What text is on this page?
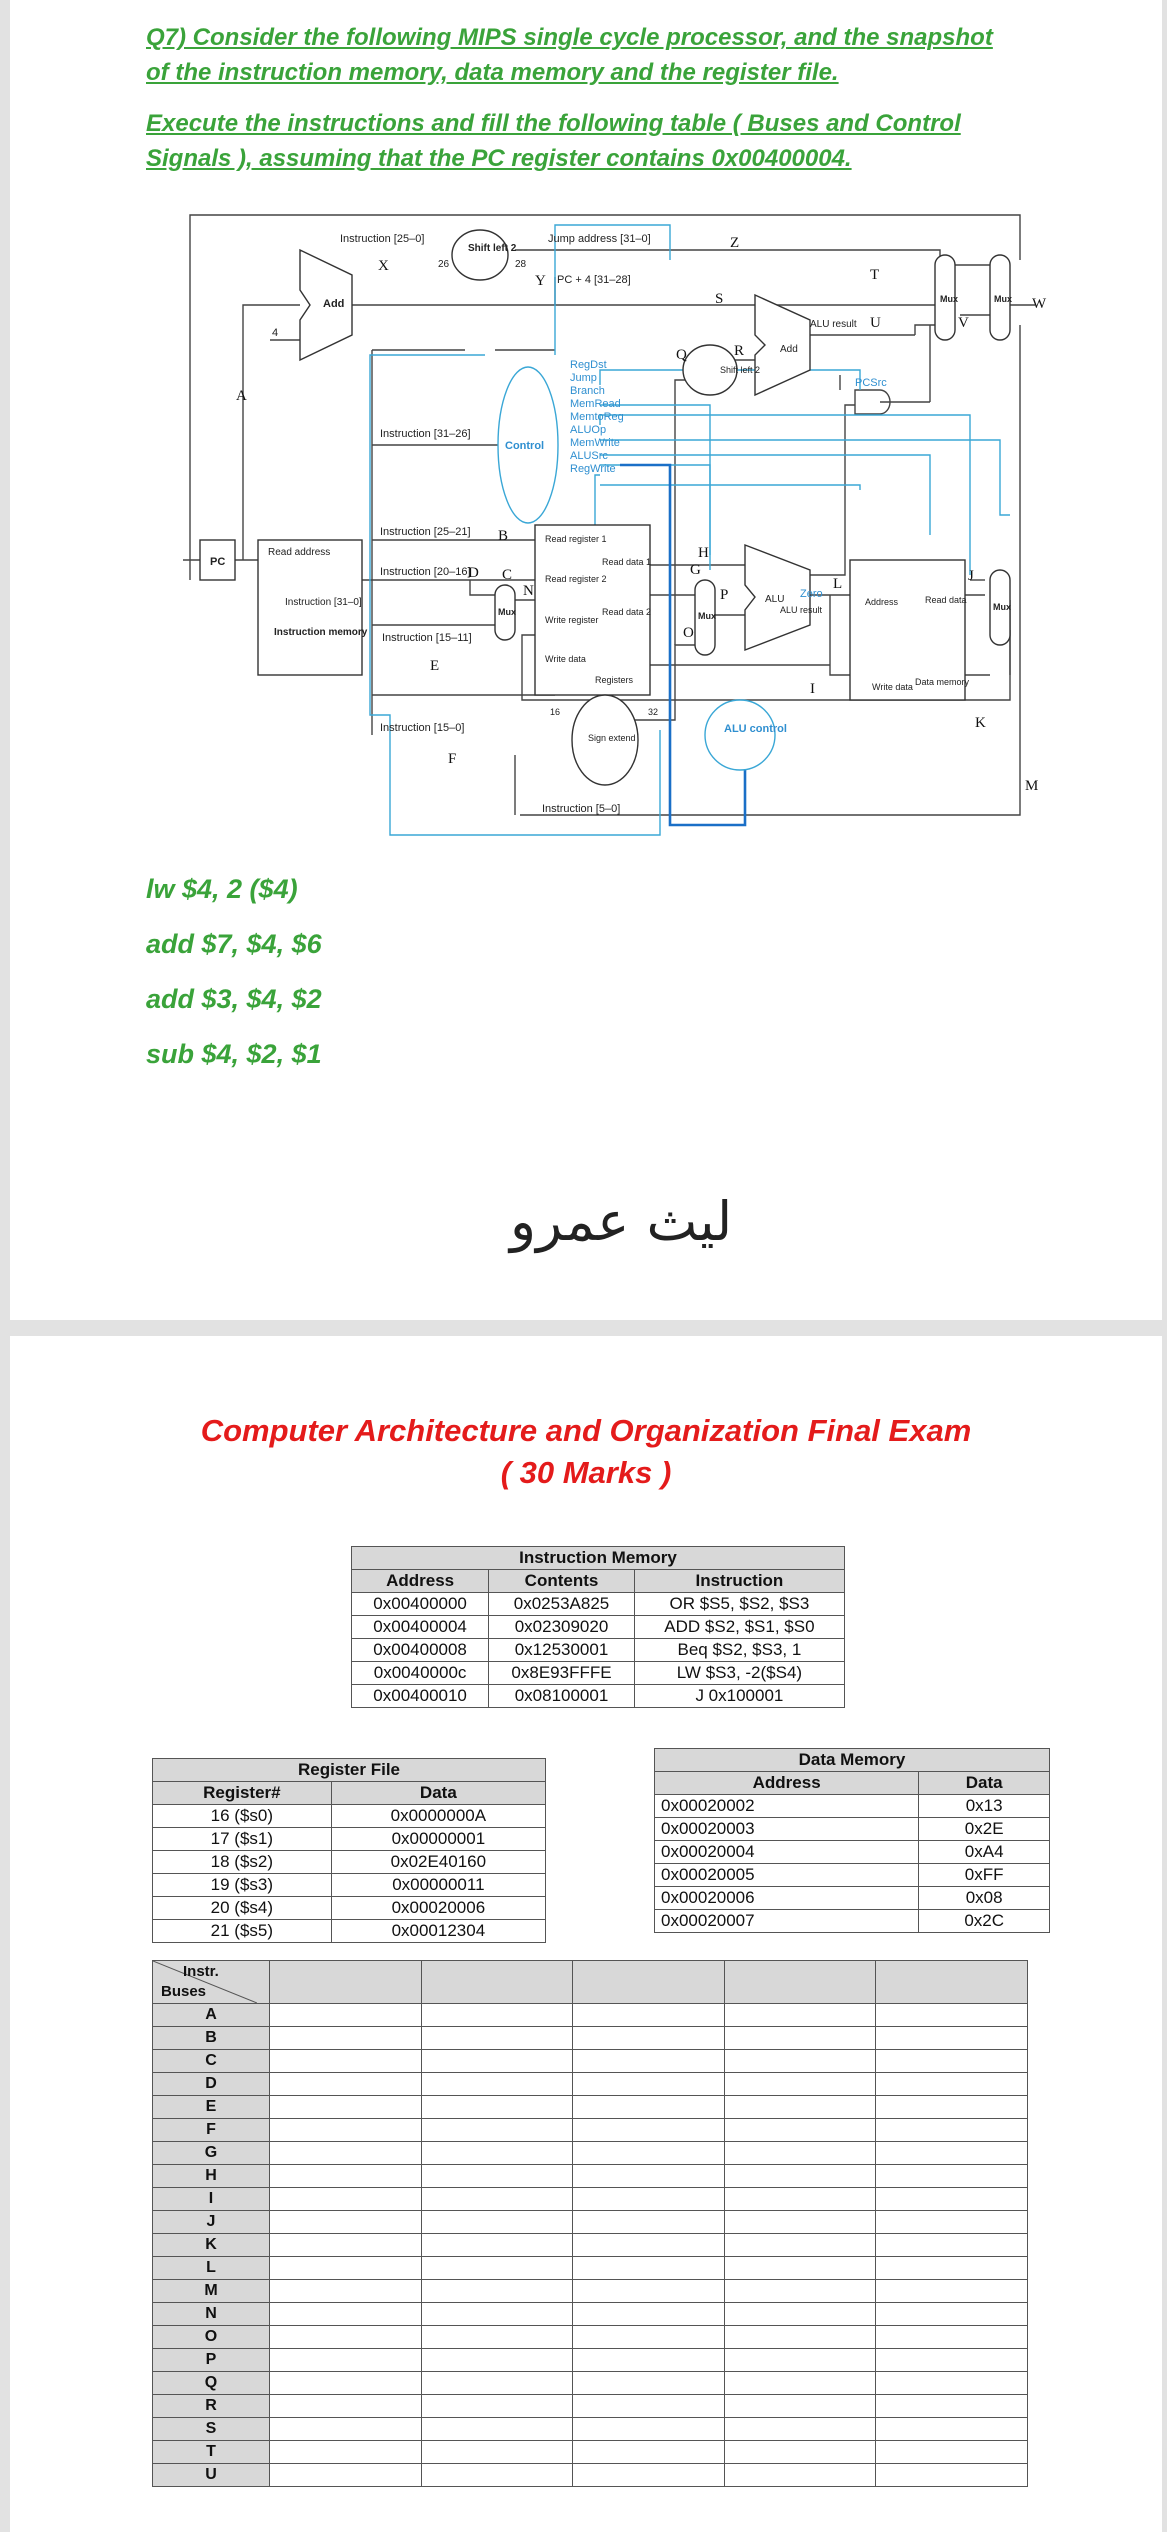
Q7) Consider the following MIPS single cycle processor, and the snapshot

of the instruction memory, data memory and the register file.

Execute the instructions and fill the following table ( Buses and Control

Signals ), assuming that the PC register contains 0x00400004.

Instruction [25–0]
Shift left 2
26	28
Jump address [31–0]
PC + 4 [31–28]
Add
4
Add
ALU result
RegDst
Jump
Branch
MemRead
MemtoReg
ALUOp
MemWrite
ALUSrc
RegWrite
Control
PCSrc
Zero
ALU control
Instruction [31–26]
Instruction [25–21]
Instruction [20–16]
Instruction [15–11]
Instruction [15–0]
Instruction [5–0]
PC
Read address
Instruction [31–0]
Instruction memory
Read register 1
Read register 2
Write register
Write data
Read data 1
Read data 2
Registers
Sign extend
16	32
ALU
ALU result
Address	Read data
Write data Data memory
Shift left 2
Mux	Mux
Mux	Mux
Mux
A
B
C
D
E
F
G
H
I
J
K
L
M
N
O
P
Q	R
S
T
U	V
W
X
Y
Z
lw $4, 2 ($4)
add $7, $4, $6
add $3, $4, $2
sub $4, $2, $1
ليث عمرو
Computer Architecture and Organization Final Exam
( 30 Marks )
Instruction Memory		
Address	Contents	Instruction
0x00400000	0x0253A825	OR $S5, $S2, $S3
0x00400004	0x02309020	ADD $S2, $S1, $S0
0x00400008	0x12530001	Beq $S2, $S3, 1
0x0040000c	0x8E93FFFE	LW $S3, -2($S4)
0x00400010	0x08100001	J 0x100001
Register File	
Register#	Data
16 ($s0)	0x0000000A
17 ($s1)	0x00000001
18 ($s2)	0x02E40160
19 ($s3)	0x00000011
20 ($s4)	0x00020006
21 ($s5)	0x00012304
Data Memory	
Address	Data
0x00020002	0x13
0x00020003	0x2E
0x00020004	0xA4
0x00020005	0xFF
0x00020006	0x08
0x00020007	0x2C
Instr.
Buses					

A					
B					
C					
D					
E					
F					
G					
H					
I					
J					
K					
L					
M					
N					
O					
P					
Q					
R					
S					
T					
U					
